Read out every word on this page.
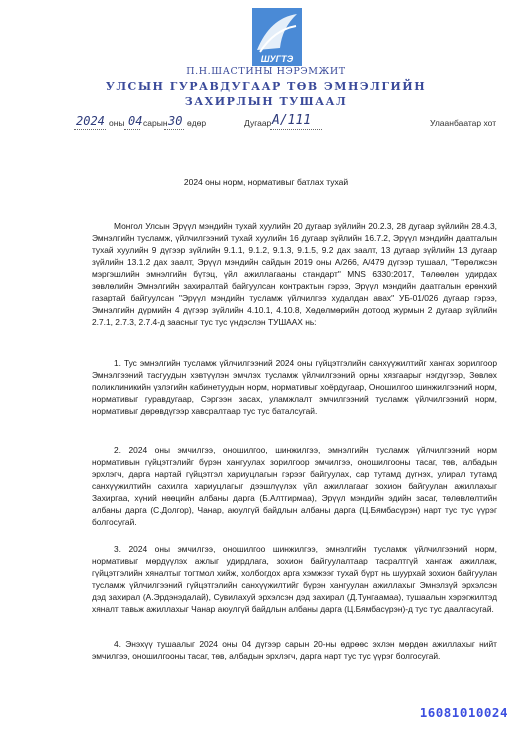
ШУГТЭ
П.Н.ШАСТИНЫ НЭРЭМЖИТ
УЛСЫН ГУРАВДУГААР ТӨВ ЭМНЭЛГИЙН
ЗАХИРЛЫН ТУШААЛ
2024 оны 04 сарын 30 өдөр	Дугаар A/111	Улаанбаатар хот
2024 оны норм, нормативыг батлах тухай
Монгол Улсын Эрүүл мэндийн тухай хуулийн 20 дугаар зүйлийн 20.2.3, 28 дугаар зүйлийн 28.4.3, Эмнэлгийн тусламж, үйлчилгээний тухай хуулийн 16 дугаар зүйлийн 16.7.2, Эрүүл мэндийн даатгалын тухай хуулийн 9 дүгээр зүйлийн 9.1.1, 9.1.2, 9.1.3, 9.1.5, 9.2 дах заалт, 13 дугаар зүйлийн 13 дугаар зүйлийн 13.1.2 дах заалт, Эрүүл мэндийн сайдын 2019 оны А/266, А/479 дүгээр тушаал, "Төрөлжсэн мэргэшлийн эмнэлгийн бүтэц, үйл ажиллагааны стандарт" MNS 6330:2017, Төлөөлөн удирдах зөвлөлийн Эмнэлгийн захиралтай байгуулсан контрактын гэрээ, Эрүүл мэндийн даатгалын ерөнхий газартай байгуулсан "Эрүүл мэндийн тусламж үйлчилгээ худалдан авах" УБ-01/026 дугаар гэрээ, Эмнэлгийн дүрмийн 4 дүгээр зүйлийн 4.10.1, 4.10.8, Хөдөлмөрийн дотоод журмын 2 дугаар зүйлийн 2.7.1, 2.7.3, 2.7.4-д заасныг тус тус үндэслэн ТУШААХ нь:
1. Тус эмнэлгийн тусламж үйлчилгээний 2024 оны гүйцэтгэлийн санхүүжилтийг хангах зорилгоор Эмнэлгээний тасгуудын хэвтүүлэн эмчлэх тусламж үйлчилгээний орны хязгаарыг нэгдүгээр, Зөвлөх поликлиникийн үзлэгийн кабинетуудын норм, нормативыг хоёрдугаар, Оношилгоо шинжилгээний норм, нормативыг гуравдугаар, Сэргээн засах, уламжлалт эмчилгээний тусламж үйлчилгээний норм, нормативыг дөрөвдүгээр хавсралтаар тус тус баталсугай.
2. 2024 оны эмчилгээ, оношилгоо, шинжилгээ, эмнэлгийн тусламж үйлчилгээний норм нормативын гүйцэтгэлийг бүрэн хангуулах зорилгоор эмчилгээ, оношилгооны тасаг, төв, албадын эрхлэгч, дарга нартай гүйцэтгэл хариуцлагын гэрээг байгуулах, сар тутамд дүгнэх, улирал тутамд санхүүжилтийн сахилга хариуцлагыг дээшлүүлэх үйл ажиллагааг зохион байгуулан ажиллахыг Захиргаа, хүний нөөцийн албаны дарга (Б.Алтгирмаа), Эрүүл мэндийн эдийн засаг, төлөвлөлтийн албаны дарга (С.Долгор), Чанар, аюулгүй байдлын албаны дарга (Ц.Бямбасүрэн) нарт тус тус үүрэг болгосугай.
3. 2024 оны эмчилгээ, оношилгоо шинжилгээ, эмнэлгийн тусламж үйлчилгээний норм, нормативыг мөрдүүлэх ажлыг удирдлага, зохион байгуулалтаар тасралтгүй хангаж ажиллаж, гүйцэтгэлийн хяналтыг тогтмол хийж, холбогдох арга хэмжээг тухай бүрт нь шуурхай зохион байгуулан тусламж үйлчилгээний гүйцэтгэлийн санхүүжилтийг бүрэн хангуулан ажиллахыг Эмнэлзүй эрхэлсэн дэд захирал (А.Эрдэнэдалай), Сувилахуй эрхэлсэн дэд захирал (Д.Тунгаамаа), тушаалын хэрэгжилтэд хяналт тавьж ажиллахыг Чанар аюулгүй байдлын албаны дарга (Ц.Бямбасүрэн)-д тус тус даалгасугай.
4. Энэхүү тушаалыг 2024 оны 04 дүгээр сарын 20-ны өдрөөс эхлэн мөрдөн ажиллахыг нийт эмчилгээ, оношилгооны тасаг, төв, албадын эрхлэгч, дарга нарт тус тус үүрэг болгосугай.
16081010024
